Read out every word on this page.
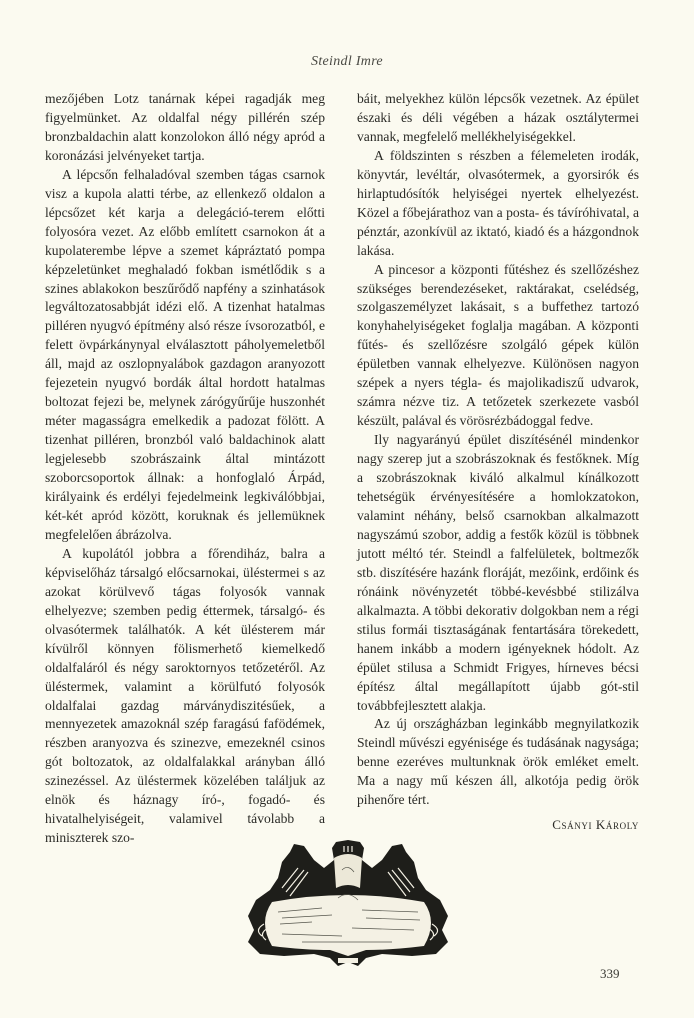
Steindl Imre

mezőjében Lotz tanárnak képei ragadják meg figyelmünket. Az oldalfal négy pillérén szép bronzbaldachin alatt konzolokon álló négy apród a koronázási jelvényeket tartja.

A lépcsőn felhaladóval szemben tágas csarnok visz a kupola alatti térbe, az ellenkező oldalon a lépcsőzet két karja a delegáció-terem előtti folyosóra vezet. Az előbb említett csarnokon át a kupolaterembe lépve a szemet kápráztató pompa képzeletünket meghaladó fokban ismétlődik s a szines ablakokon beszűrődő napfény a szinhatások legváltozatosabbját idézi elő. A tizenhat hatalmas pilléren nyugvó építmény alsó része ívsorozatból, e felett övpárkánynyal elválasztott páholyemeletből áll, majd az oszlopnyalábok gazdagon aranyozott fejezetein nyugvó bordák által hordott hatalmas boltozat fejezi be, melynek zárógyűrűje huszonhét méter magasságra emelkedik a padozat fölött. A tizenhat pilléren, bronzból való baldachinok alatt legjelesebb szobrászaink által mintázott szoborcsoportok állnak: a honfoglaló Árpád, királyaink és erdélyi fejedelmeink legkiválóbbjai, két-két apród között, koruknak és jellemüknek megfelelően ábrázolva.

A kupolától jobbra a főrendiház, balra a képviselőház társalgó előcsarnokai, üléstermei s az azokat körülvevő tágas folyosók vannak elhelyezve; szemben pedig éttermek, társalgó- és olvasótermek találhatók. A két ülésterem már kívülről könnyen fölismerhető kiemelkedő oldalfaláról és négy saroktornyos tetőzetéről. Az üléstermek, valamint a körülfutó folyosók oldalfalai gazdag márványdiszitésűek, a mennyezetek amazoknál szép faragású fafödémek, részben aranyozva és szinezve, emezeknél csinos gót boltozatok, az oldalfalakkal arányban álló szinezéssel. Az üléstermek közelében találjuk az elnök és háznagy író-, fogadó- és hivatalhelyiségeit, valamivel távolabb a miniszterek szo-

báit, melyekhez külön lépcsők vezetnek. Az épület északi és déli végében a házak osztálytermei vannak, megfelelő mellékhelyiségekkel.

A földszinten s részben a félemeleten irodák, könyvtár, levéltár, olvasótermek, a gyorsirók és hirlaptudósítók helyiségei nyertek elhelyezést. Közel a főbejárathoz van a posta- és távíróhivatal, a pénztár, azonkívül az iktató, kiadó és a házgondnok lakása.

A pincesor a központi fűtéshez és szellőzéshez szükséges berendezéseket, raktárakat, cselédség, szolgaszemélyzet lakásait, s a buffethez tartozó konyhahelyiségeket foglalja magában. A központi fűtés- és szellőzésre szolgáló gépek külön épületben vannak elhelyezve. Különösen nagyon szépek a nyers tégla- és majolikadiszű udvarok, számra nézve tiz. A tetőzetek szerkezete vasból készült, palával és vörösrézbádoggal fedve.

Ily nagyarányú épület diszítésénél mindenkor nagy szerep jut a szobrászoknak és festőknek. Míg a szobrászoknak kiváló alkalmul kínálkozott tehetségük érvényesítésére a homlokzatokon, valamint néhány, belső csarnokban alkalmazott nagyszámú szobor, addig a festők közül is többnek jutott méltó tér. Steindl a falfelületek, boltmezők stb. diszítésére hazánk floráját, mezőink, erdőink és rónáink növényzetét többé-kevésbbé stilizálva alkalmazta. A többi dekorativ dolgokban nem a régi stilus formái tisztaságának fentartására törekedett, hanem inkább a modern igényeknek hódolt. Az épület stilusa a Schmidt Frigyes, hírneves bécsi építész által megállapított újabb gót-stil továbbfejlesztett alakja.

Az új országházban leginkább megnyilatkozik Steindl művészi egyénisége és tudásának nagysága; benne ezeréves multunknak örök emléket emelt. Ma a nagy mű készen áll, alkotója pedig örök pihenőre tért.

Csányi Károly
339
